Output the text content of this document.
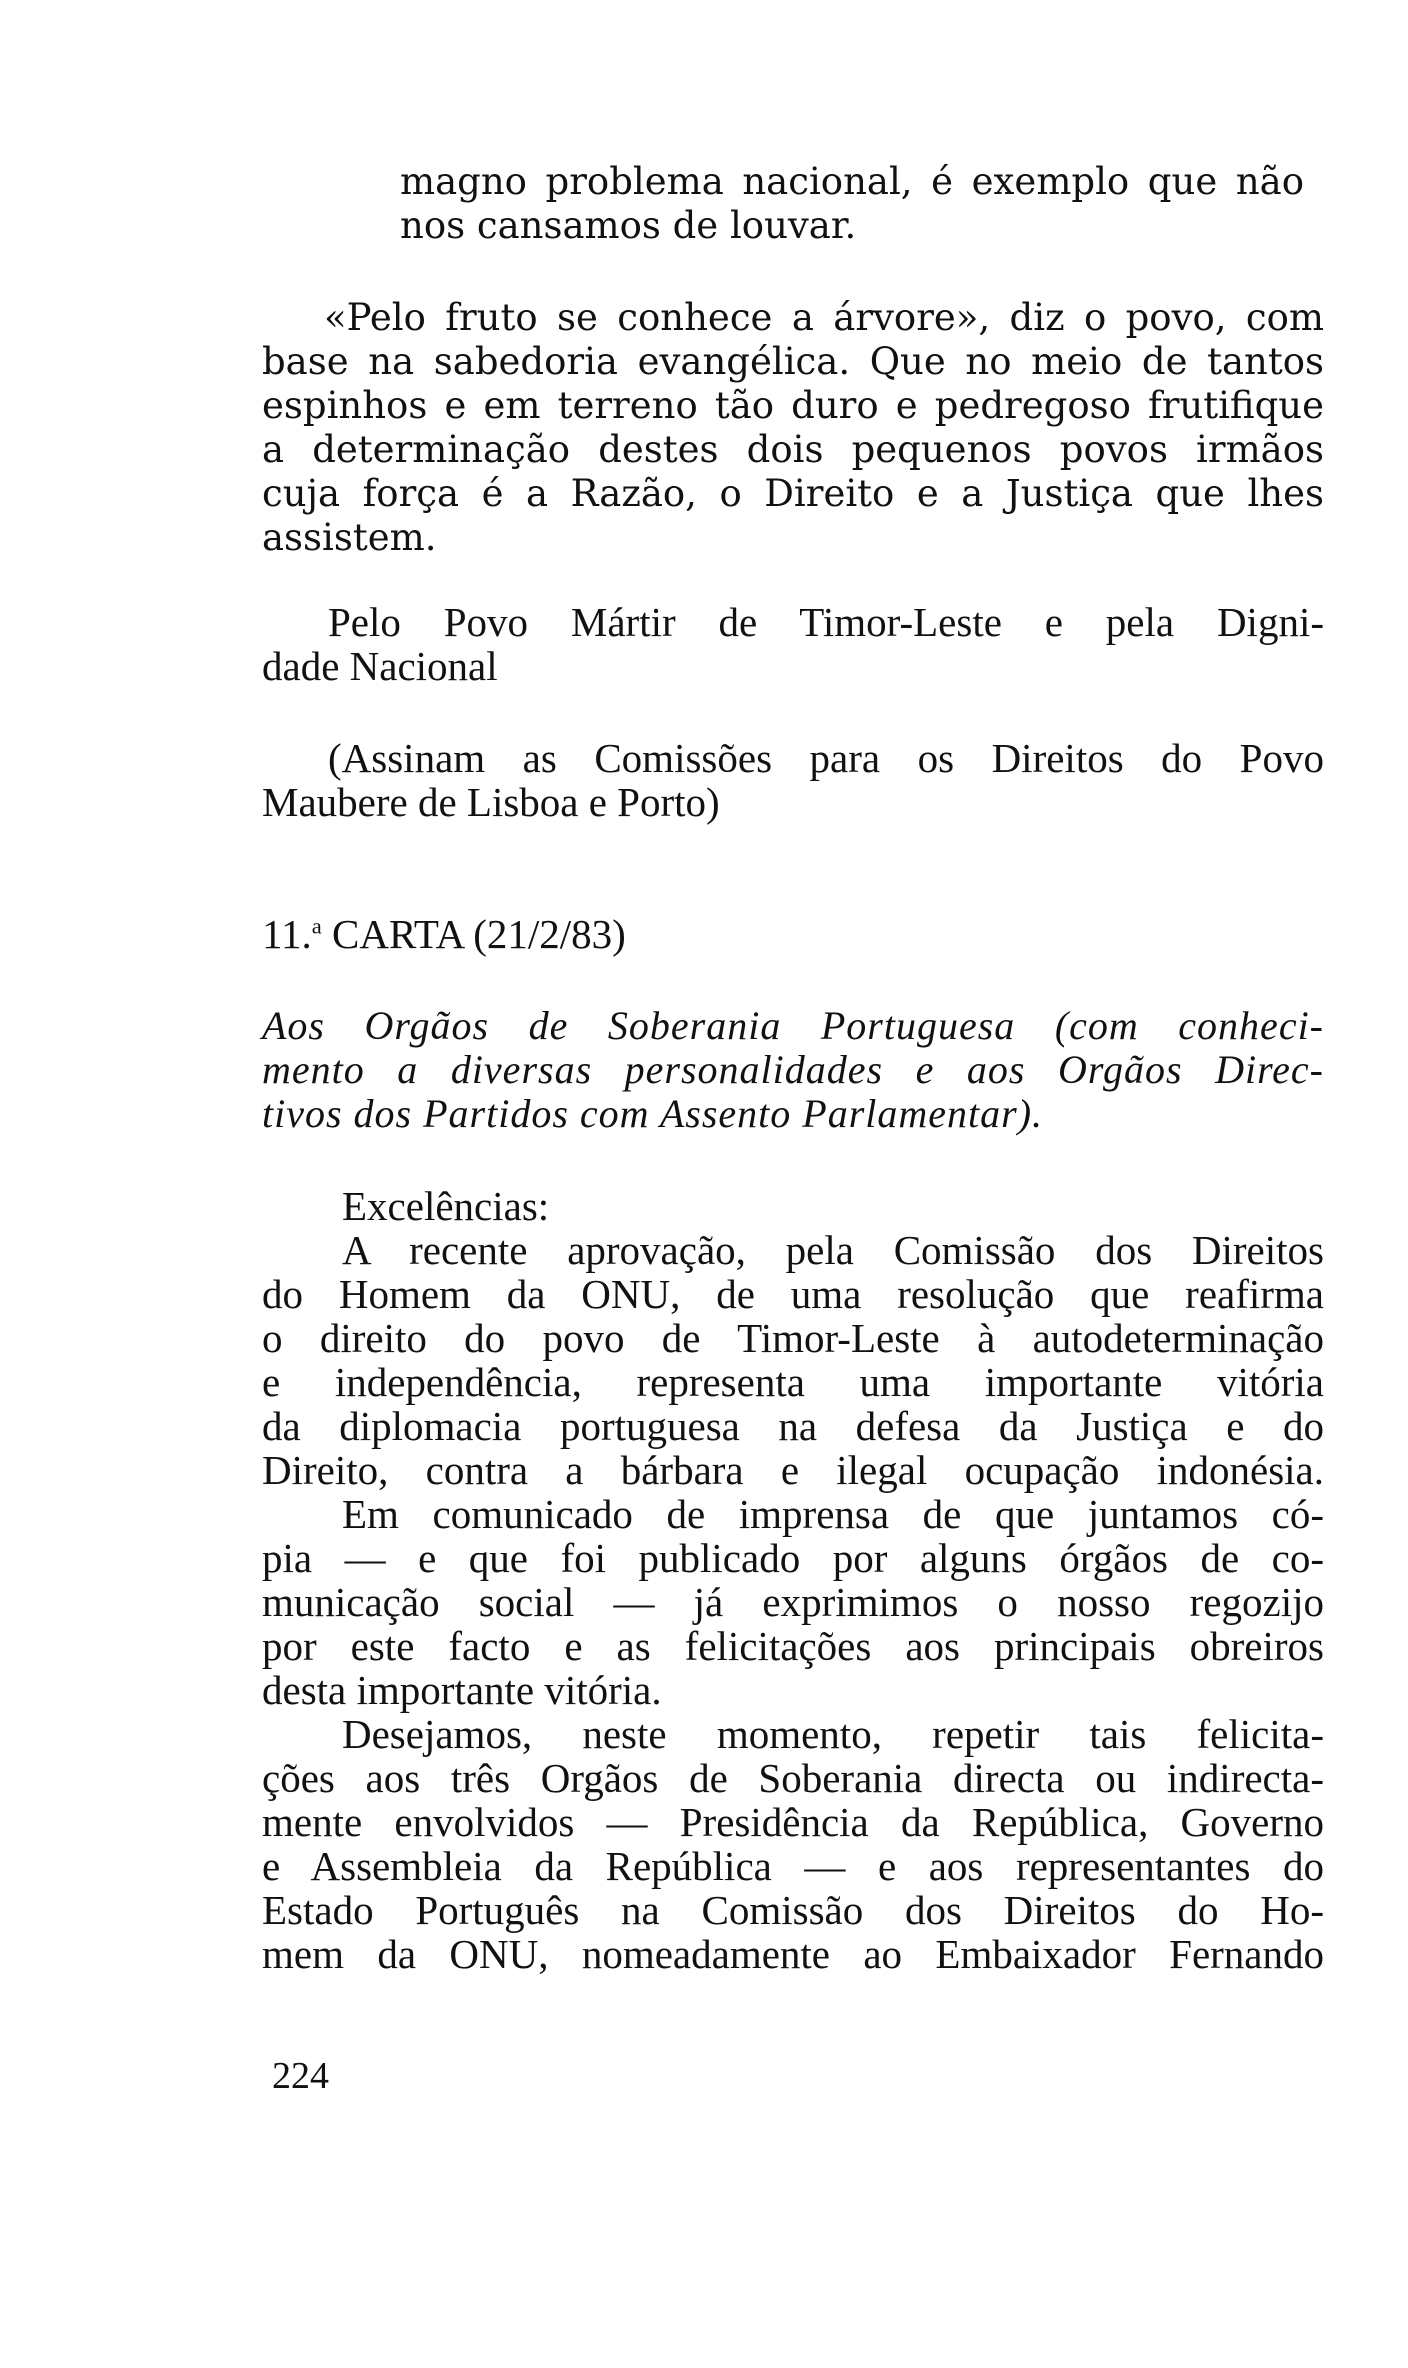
magno problema nacional, é exemplo que não
nos cansamos de louvar.
«Pelo fruto se conhece a árvore», diz o povo, com
base na sabedoria evangélica. Que no meio de tantos
espinhos e em terreno tão duro e pedregoso frutifique
a determinação destes dois pequenos povos irmãos
cuja força é a Razão, o Direito e a Justiça que lhes
assistem.
Pelo Povo Mártir de Timor-Leste e pela Digni-
dade Nacional
(Assinam as Comissões para os Direitos do Povo
Maubere de Lisboa e Porto)
11.$^a$ CARTA (21/2/83)
Aos Orgãos de Soberania Portuguesa (com conheci-
mento a diversas personalidades e aos Orgãos Direc-
tivos dos Partidos com Assento Parlamentar).
Excelências:
A recente aprovação, pela Comissão dos Direitos
do Homem da ONU, de uma resolução que reafirma
o direito do povo de Timor-Leste à autodeterminação
e independência, representa uma importante vitória
da diplomacia portuguesa na defesa da Justiça e do
Direito, contra a bárbara e ilegal ocupação indonésia.
Em comunicado de imprensa de que juntamos có-
pia — e que foi publicado por alguns órgãos de co-
municação social — já exprimimos o nosso regozijo
por este facto e as felicitações aos principais obreiros
desta importante vitória.
Desejamos, neste momento, repetir tais felicita-
ções aos três Orgãos de Soberania directa ou indirecta-
mente envolvidos — Presidência da República, Governo
e Assembleia da República — e aos representantes do
Estado Português na Comissão dos Direitos do Ho-
mem da ONU, nomeadamente ao Embaixador Fernando
224
